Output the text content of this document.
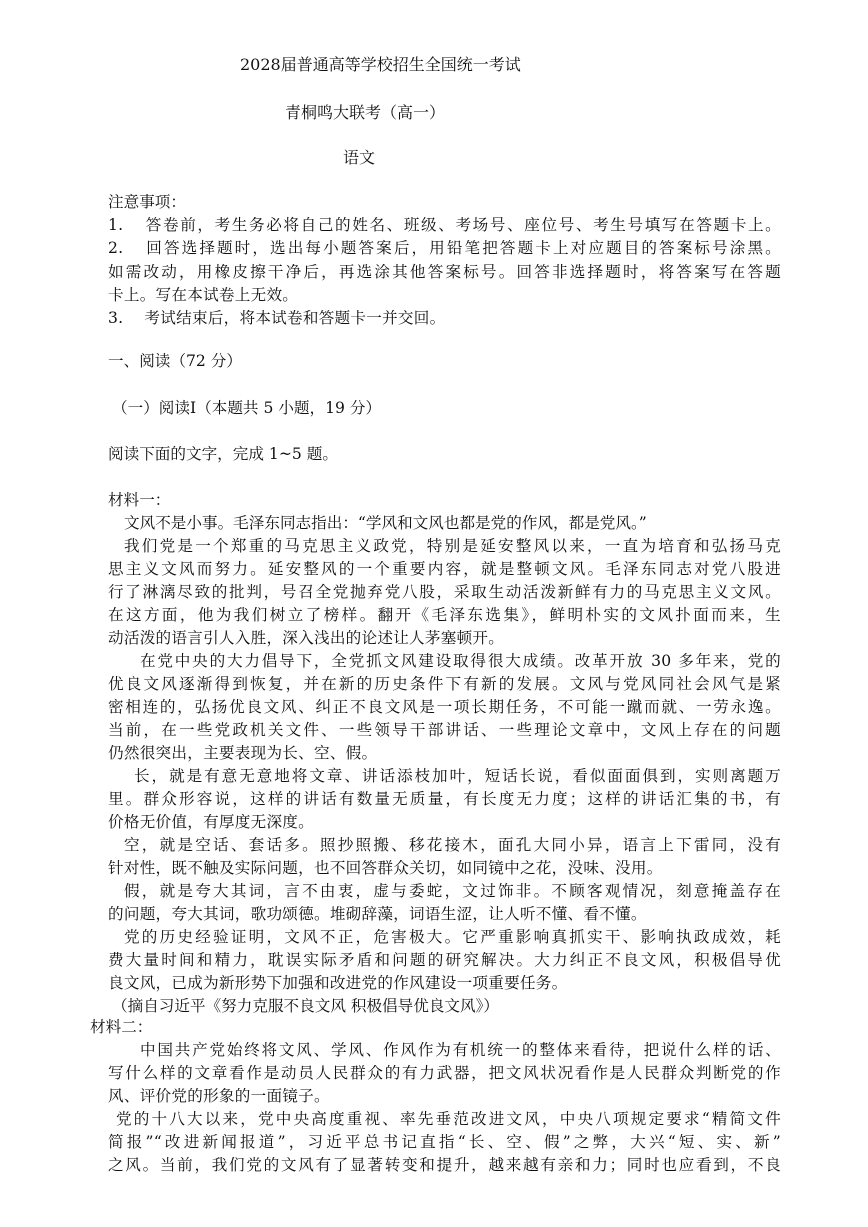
2028届普通高等学校招生全国统一考试
青桐鸣大联考（高一）
语文
注意事项：
1.  答卷前，考生务必将自己的姓名、班级、考场号、座位号、考生号填写在答题卡上。
2.  回答选择题时，选出每小题答案后，用铅笔把答题卡上对应题目的答案标号涂黑。
如需改动，用橡皮擦干净后，再选涂其他答案标号。回答非选择题时，将答案写在答题
卡上。写在本试卷上无效。
3.  考试结束后，将本试卷和答题卡一并交回。
一、阅读（72 分）
（一）阅读Ⅰ（本题共 5 小题，19 分）
阅读下面的文字，完成 1~5 题。
材料一：
文风不是小事。毛泽东同志指出：“学风和文风也都是党的作风，都是党风。”
我们党是一个郑重的马克思主义政党，特别是延安整风以来，一直为培育和弘扬马克
思主义文风而努力。延安整风的一个重要内容，就是整顿文风。毛泽东同志对党八股进
行了淋漓尽致的批判，号召全党抛弃党八股，采取生动活泼新鲜有力的马克思主义文风。
在这方面，他为我们树立了榜样。翻开《毛泽东选集》，鲜明朴实的文风扑面而来，生
动活泼的语言引人入胜，深入浅出的论述让人茅塞顿开。
在党中央的大力倡导下，全党抓文风建设取得很大成绩。改革开放 30 多年来，党的
优良文风逐渐得到恢复，并在新的历史条件下有新的发展。文风与党风同社会风气是紧
密相连的，弘扬优良文风、纠正不良文风是一项长期任务，不可能一蹴而就、一劳永逸。
当前，在一些党政机关文件、一些领导干部讲话、一些理论文章中，文风上存在的问题
仍然很突出，主要表现为长、空、假。
长，就是有意无意地将文章、讲话添枝加叶，短话长说，看似面面俱到，实则离题万
里。群众形容说，这样的讲话有数量无质量，有长度无力度；这样的讲话汇集的书，有
价格无价值，有厚度无深度。
空，就是空话、套话多。照抄照搬、移花接木，面孔大同小异，语言上下雷同，没有
针对性，既不触及实际问题，也不回答群众关切，如同镜中之花，没味、没用。
假，就是夸大其词，言不由衷，虚与委蛇，文过饰非。不顾客观情况，刻意掩盖存在
的问题，夸大其词，歌功颂德。堆砌辞藻，词语生涩，让人听不懂、看不懂。
党的历史经验证明，文风不正，危害极大。它严重影响真抓实干、影响执政成效，耗
费大量时间和精力，耽误实际矛盾和问题的研究解决。大力纠正不良文风，积极倡导优
良文风，已成为新形势下加强和改进党的作风建设一项重要任务。
（摘自习近平《努力克服不良文风 积极倡导优良文风》）
材料二：
中国共产党始终将文风、学风、作风作为有机统一的整体来看待，把说什么样的话、
写什么样的文章看作是动员人民群众的有力武器，把文风状况看作是人民群众判断党的作
风、评价党的形象的一面镜子。
党的十八大以来，党中央高度重视、率先垂范改进文风，中央八项规定要求“精简文件
简报”“改进新闻报道”，习近平总书记直指“长、空、假”之弊，大兴“短、实、新”
之风。当前，我们党的文风有了显著转变和提升，越来越有亲和力；同时也应看到，不良
